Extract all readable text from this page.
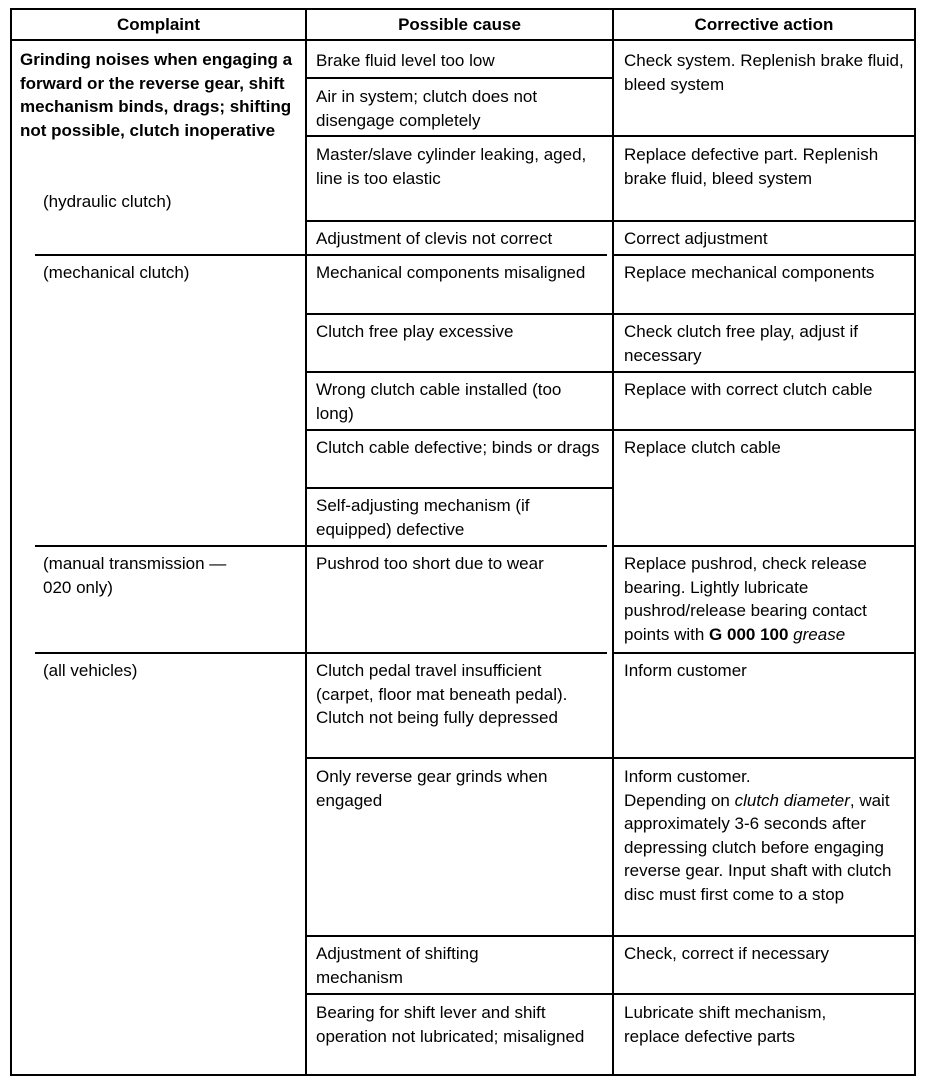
Complaint	Possible cause	Corrective action
Grinding noises when engaging a forward or the reverse gear, shift mechanism binds, drags; shifting not possible, clutch inoperative
(hydraulic clutch)
(mechanical clutch)
(manual transmission —
020 only)
(all vehicles)
Brake fluid level too low
Air in system; clutch does not disengage completely
Master/slave cylinder leaking, aged, line is too elastic
Adjustment of clevis not correct
Mechanical components misaligned
Clutch free play excessive
Wrong clutch cable installed (too long)
Clutch cable defective; binds or drags
Self-adjusting mechanism (if equipped) defective
Pushrod too short due to wear
Clutch pedal travel insufficient (carpet, floor mat beneath pedal). Clutch not being fully depressed
Only reverse gear grinds when engaged
Adjustment of shifting mechanism
Bearing for shift lever and shift operation not lubricated; misaligned
Check system. Replenish brake fluid, bleed system
Replace defective part. Replenish brake fluid, bleed system
Correct adjustment
Replace mechanical components
Check clutch free play, adjust if necessary
Replace with correct clutch cable
Replace clutch cable
Replace pushrod, check release bearing. Lightly lubricate pushrod/release bearing contact points with G 000 100 grease
Inform customer
Inform customer.
Depending on clutch diameter, wait approximately 3-6 seconds after depressing clutch before engaging reverse gear. Input shaft with clutch disc must first come to a stop
Check, correct if necessary
Lubricate shift mechanism, replace defective parts
